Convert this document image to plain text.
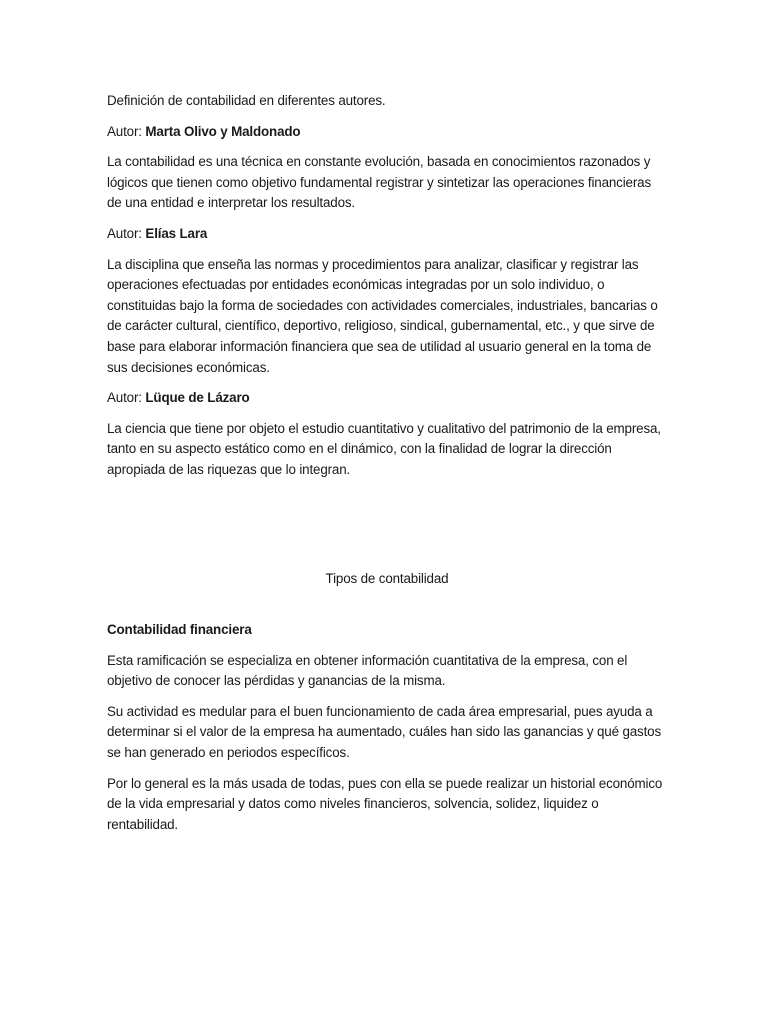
Definición de contabilidad en diferentes autores.

Autor: Marta Olivo y Maldonado

La contabilidad es una técnica en constante evolución, basada en conocimientos razonados y lógicos que tienen como objetivo fundamental registrar y sintetizar las operaciones financieras de una entidad e interpretar los resultados.

Autor: Elías Lara

La disciplina que enseña las normas y procedimientos para analizar, clasificar y registrar las operaciones efectuadas por entidades económicas integradas por un solo individuo, o constituidas bajo la forma de sociedades con actividades comerciales, industriales, bancarias o de carácter cultural, científico, deportivo, religioso, sindical, gubernamental, etc., y que sirve de base para elaborar información financiera que sea de utilidad al usuario general en la toma de sus decisiones económicas.

Autor: Lüque de Lázaro

La ciencia que tiene por objeto el estudio cuantitativo y cualitativo del patrimonio de la empresa, tanto en su aspecto estático como en el dinámico, con la finalidad de lograr la dirección apropiada de las riquezas que lo integran.

Tipos de contabilidad

Contabilidad financiera

Esta ramificación se especializa en obtener información cuantitativa de la empresa, con el objetivo de conocer las pérdidas y ganancias de la misma.

Su actividad es medular para el buen funcionamiento de cada área empresarial, pues ayuda a determinar si el valor de la empresa ha aumentado, cuáles han sido las ganancias y qué gastos se han generado en periodos específicos.

Por lo general es la más usada de todas, pues con ella se puede realizar un historial económico de la vida empresarial y datos como niveles financieros, solvencia, solidez, liquidez o rentabilidad.
